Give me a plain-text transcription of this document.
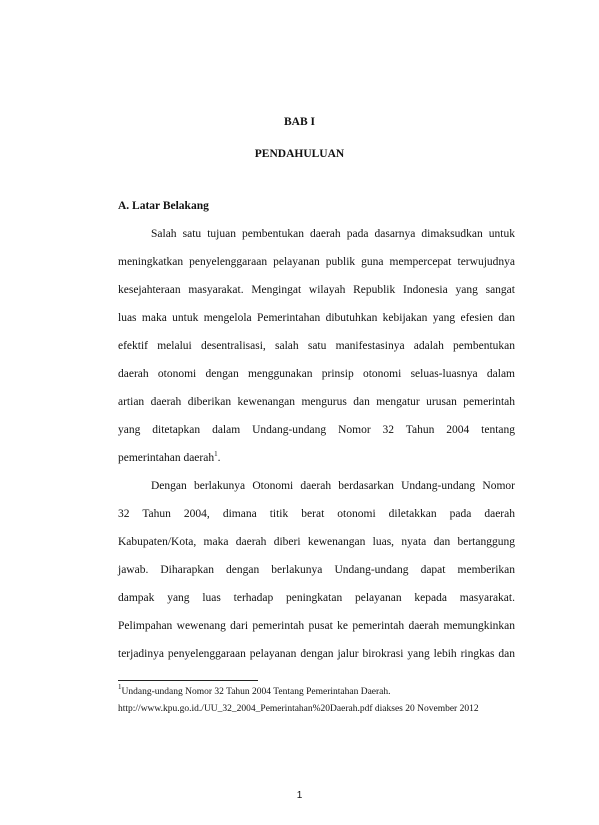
BAB I
PENDAHULUAN
A. Latar Belakang
Salah satu tujuan pembentukan daerah pada dasarnya dimaksudkan untuk
meningkatkan penyelenggaraan pelayanan publik guna mempercepat terwujudnya
kesejahteraan masyarakat. Mengingat wilayah Republik Indonesia yang sangat
luas maka untuk mengelola Pemerintahan dibutuhkan kebijakan yang efesien dan
efektif melalui desentralisasi, salah satu manifestasinya adalah pembentukan
daerah otonomi dengan menggunakan prinsip otonomi seluas-luasnya dalam
artian daerah diberikan kewenangan mengurus dan mengatur urusan pemerintah
yang ditetapkan dalam Undang-undang Nomor 32 Tahun 2004 tentang
pemerintahan daerah$^1$.
Dengan berlakunya Otonomi daerah berdasarkan Undang-undang Nomor
32 Tahun 2004, dimana titik berat otonomi diletakkan pada daerah
Kabupaten/Kota, maka daerah diberi kewenangan luas, nyata dan bertanggung
jawab. Diharapkan dengan berlakunya Undang-undang dapat memberikan
dampak yang luas terhadap peningkatan pelayanan kepada masyarakat.
Pelimpahan wewenang dari pemerintah pusat ke pemerintah daerah memungkinkan
terjadinya penyelenggaraan pelayanan dengan jalur birokrasi yang lebih ringkas dan
$^1$Undang-undang Nomor 32 Tahun 2004 Tentang Pemerintahan Daerah.
http://www.kpu.go.id./UU_32_2004_Pemerintahan%20Daerah.pdf diakses 20 November 2012
1
